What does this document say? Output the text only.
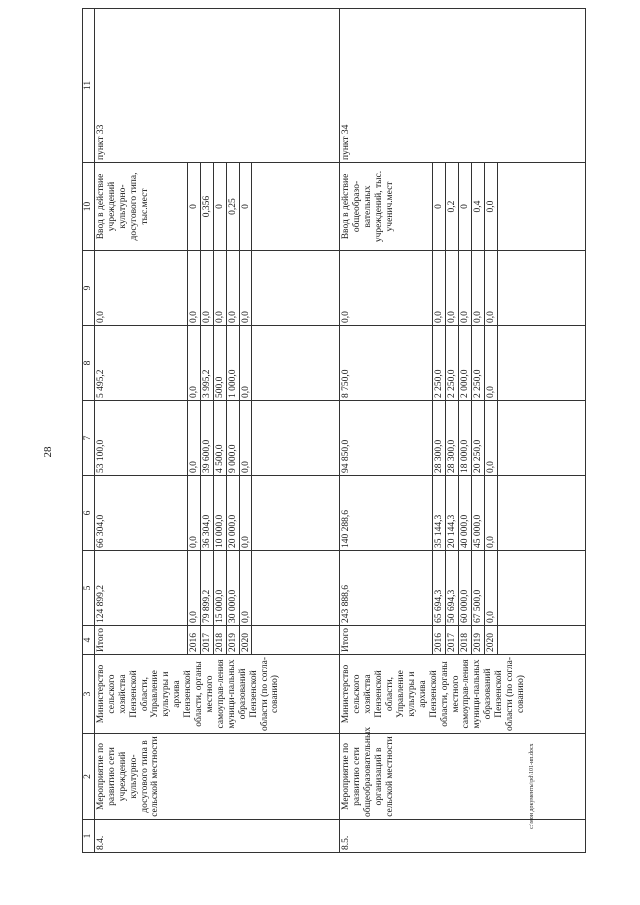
28
1	2	3	4	5	6	7	8	9	10	11
8.4.	Мероприятие по развитию сети учреждений культурно-досугового типа в сельской местности	Министерство сельского хозяйства Пензенской области, Управление культуры и архива Пензенской области, органы местного самоуправ-ления муници-пальных образований Пензенской области (по согла-сованию)	Итого	124 899,2	66 304,0	53 100,0	5 495,2	0,0	Ввод в действие учреждений культурно-досугового типа, тыс.мест	пункт 33
			2016	0,0	0,0	0,0	0,0	0,0	0	
			2017	79 899,2	36 304,0	39 600,0	3 995,2	0,0	0,356	
			2018	15 000,0	10 000,0	4 500,0	500,0	0,0	0	
			2019	30 000,0	20 000,0	9 000,0	1 000,0	0,0	0,25	
			2020	0,0	0,0	0,0	0,0	0,0	0	

8.5.	Мероприятие по развитию сети общеобразовательных организаций в сельской местности	Министерство сельского хозяйства Пензенской области, Управление культуры и архива Пензенской области, органы местного самоуправ-ления муници-пальных образований Пензенской области (по согла-сованию)	Итого	243 888,6	140 288,6	94 850,0	8 750,0	0,0	Ввод в действие общеобразо-вательных учреждений, тыс. ученич.мест	пункт 34
			2016	65 694,3	35 144,3	28 300,0	2 250,0	0,0	0	
			2017	50 694,3	20 144,3	28 300,0	2 250,0	0,0	0,2	
			2018	60 000,0	40 000,0	18 000,0	2 000,0	0,0	0	
			2019	67 500,0	45 000,0	20 250,0	2 250,0	0,0	0,4	
			2020	0,0	0,0	0,0	0,0	0,0	0,0	

c:\мои документы\pd\101-ип.docx
